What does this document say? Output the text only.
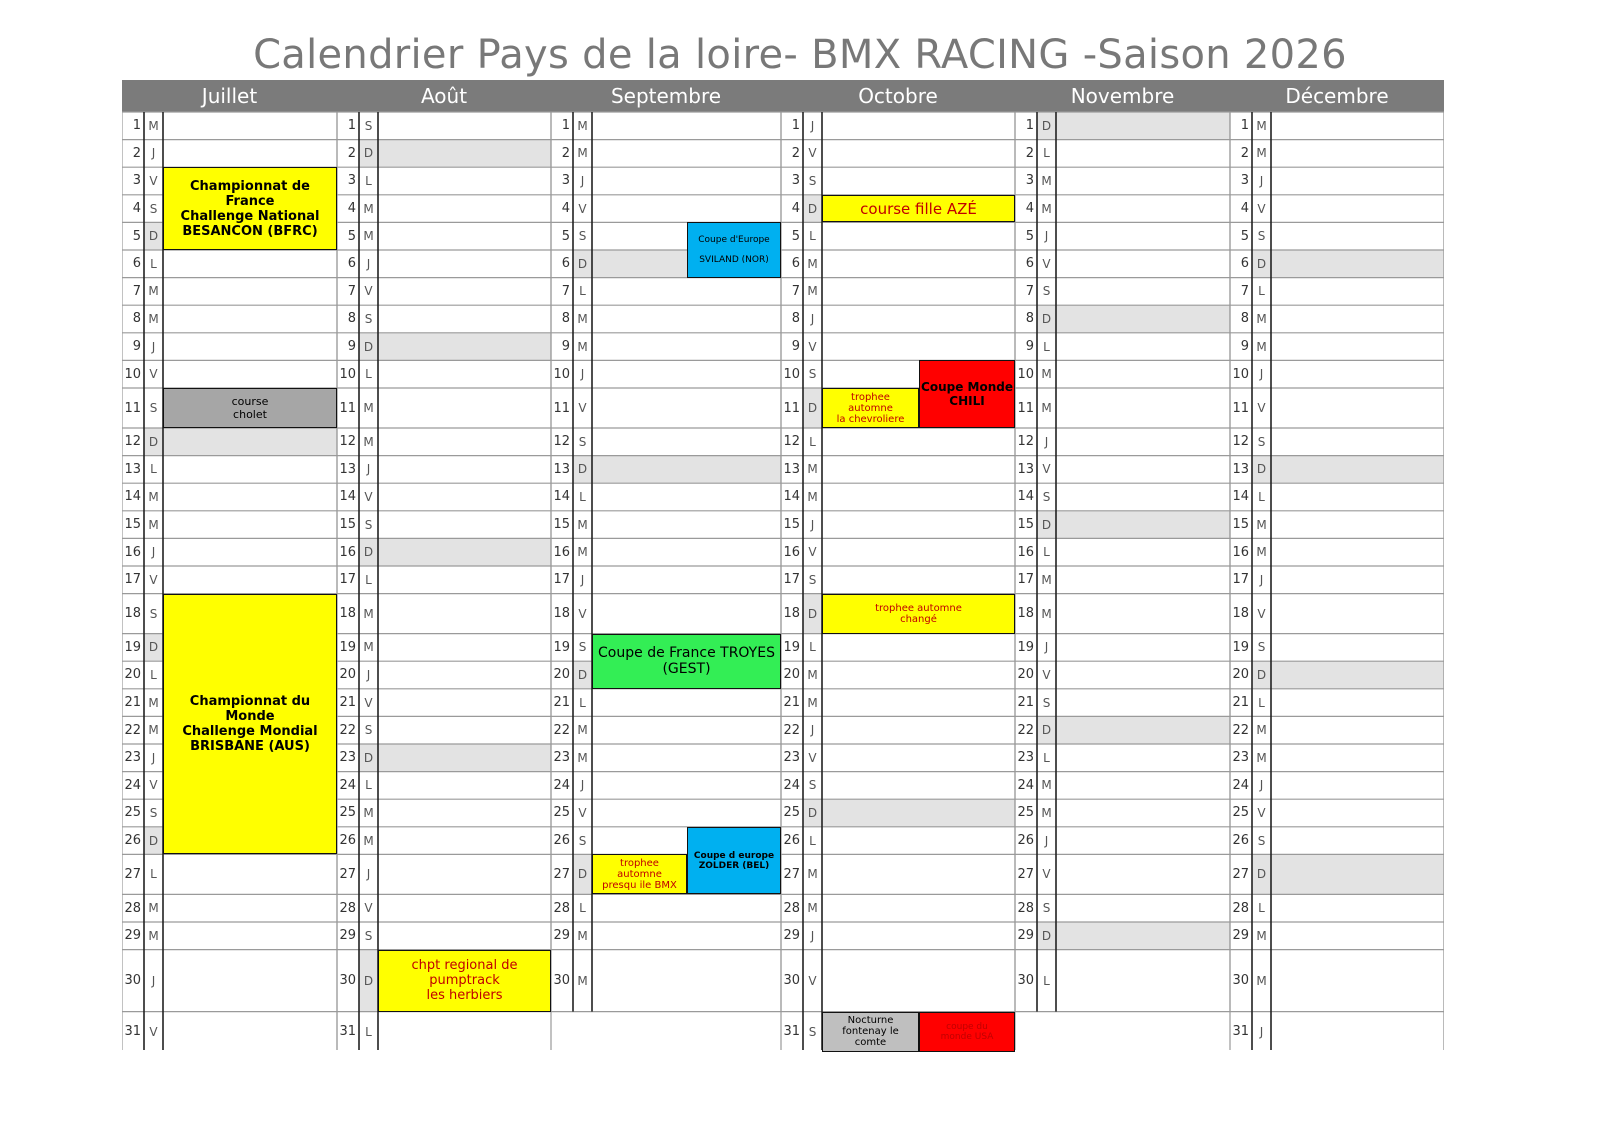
Calendrier Pays de la loire- BMX RACING -Saison 2026
Juillet
1 M
2 J
3 V
4 S
5 D
6 L
7 M
8 M
9 J
10 V
11 S
12 D
13 L
14 M
15 M
16 J
17 V
18 S
19 D
20 L
21 M
22 M
23 J
24 V
25 S
26 D
27 L
28 M
29 M
30 J
31 V
Août
1 S
2 D
3 L
4 M
5 M
6 J
7 V
8 S
9 D
10 L
11 M
12 M
13 J
14 V
15 S
16 D
17 L
18 M
19 M
20 J
21 V
22 S
23 D
24 L
25 M
26 M
27 J
28 V
29 S
30 D
31 L
Septembre
1 M
2 M
3 J
4 V
5 S
6 D
7 L
8 M
9 M
10 J
11 V
12 S
13 D
14 L
15 M
16 M
17 J
18 V
19 S
20 D
21 L
22 M
23 M
24 J
25 V
26 S
27 D
28 L
29 M
30 M
Octobre
1 J
2 V
3 S
4 D
5 L
6 M
7 M
8 J
9 V
10 S
11 D
12 L
13 M
14 M
15 J
16 V
17 S
18 D
19 L
20 M
21 M
22 J
23 V
24 S
25 D
26 L
27 M
28 M
29 J
30 V
31 S
Novembre
1 D
2 L
3 M
4 M
5 J
6 V
7 S
8 D
9 L
10 M
11 M
12 J
13 V
14 S
15 D
16 L
17 M
18 M
19 J
20 V
21 S
22 D
23 L
24 M
25 M
26 J
27 V
28 S
29 D
30 L
Décembre
1 M
2 M
3 J
4 V
5 S
6 D
7 L
8 M
9 M
10 J
11 V
12 S
13 D
14 L
15 M
16 M
17 J
18 V
19 S
20 D
21 L
22 M
23 M
24 J
25 V
26 S
27 D
28 L
29 M
30 M
31 J
Championnat de France
Challenge National
BESANCON (BFRC)
course
cholet
Championnat du Monde
Challenge Mondial
BRISBANE (AUS)
chpt regional de pumptrack
les herbiers
Coupe d'Europe

SVILAND (NOR)
Coupe de France TROYES
(GEST)
Coupe d europe
ZOLDER (BEL)
trophee
automne
presqu ile BMX
course fille AZÉ
Coupe Monde
CHILI
trophee
automne
la chevroliere
trophee automne
changé
Nocturne
fontenay le
comte
coupe du
monde USA
